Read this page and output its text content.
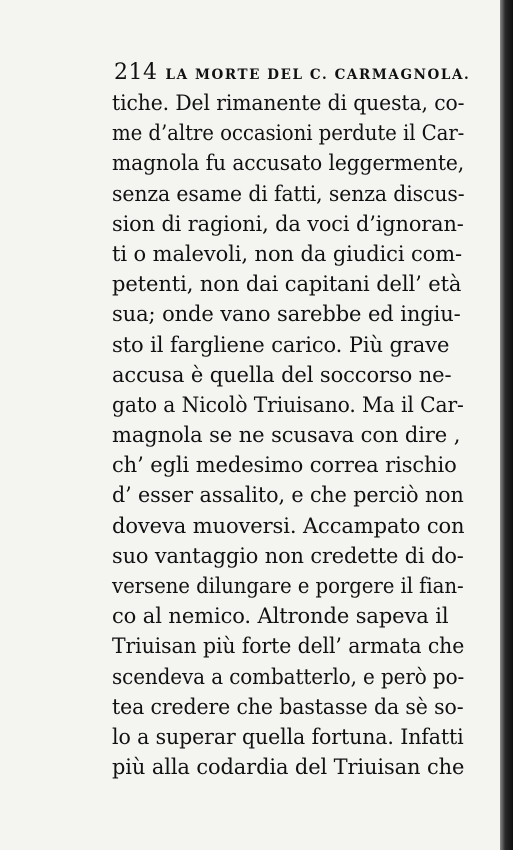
214 LA MORTE DEL C. CARMAGNOLA.
tiche. Del rimanente di questa, co-
me d’altre occasioni perdute il Car-
magnola fu accusato leggermente,
senza esame di fatti, senza discus-
sion di ragioni, da voci d’ignoran-
ti o malevoli, non da giudici com-
petenti, non dai capitani dell’ età
sua; onde vano sarebbe ed ingiu-
sto il fargliene carico. Più grave
accusa è quella del soccorso ne-
gato a Nicolò Triuisano. Ma il Car-
magnola se ne scusava con dire ,
ch’ egli medesimo correa rischio
d’ esser assalito, e che perciò non
doveva muoversi. Accampato con
suo vantaggio non credette di do-
versene dilungare e porgere il fian-
co al nemico. Altronde sapeva il
Triuisan più forte dell’ armata che
scendeva a combatterlo, e però po-
tea credere che bastasse da sè so-
lo a superar quella fortuna. Infatti
più alla codardia del Triuisan che
